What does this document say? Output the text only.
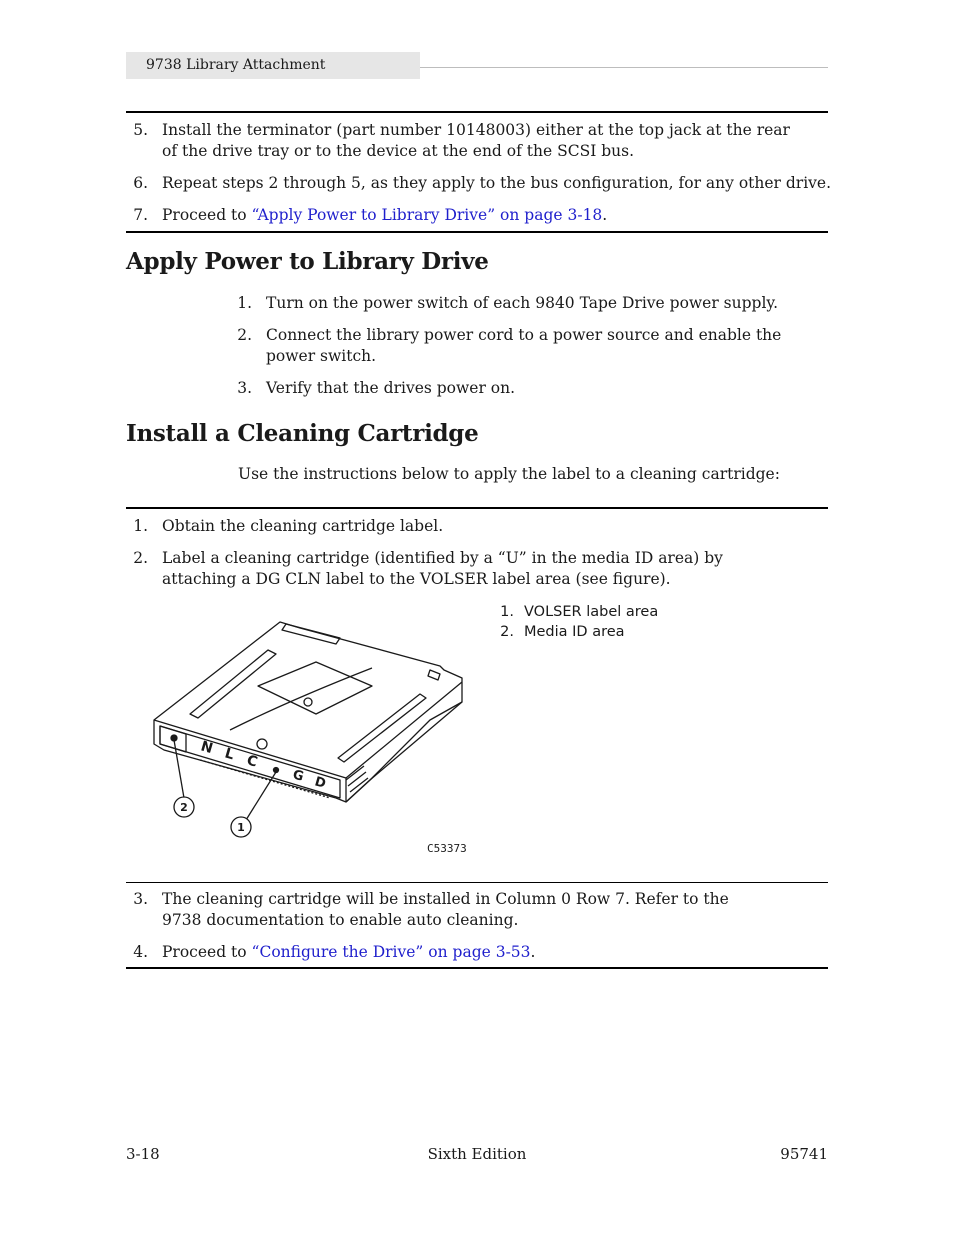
9738 Library Attachment
5. Install the terminator (part number 10148003) either at the top jack at the rear of the drive tray or to the device at the end of the SCSI bus.
6. Repeat steps 2 through 5, as they apply to the bus configuration, for any other drive.
7. Proceed to “Apply Power to Library Drive” on page 3-18.
Apply Power to Library Drive
1. Turn on the power switch of each 9840 Tape Drive power supply.
2. Connect the library power cord to a power source and enable the power switch.
3. Verify that the drives power on.
Install a Cleaning Cartridge
Use the instructions below to apply the label to a cleaning cartridge:
1. Obtain the cleaning cartridge label.
2. Label a cleaning cartridge (identified by a “U” in the media ID area) by attaching a DG CLN label to the VOLSER label area (see figure).
1. VOLSER label area
2. Media ID area
N L C
G D
2
1
C53373
3. The cleaning cartridge will be installed in Column 0 Row 7. Refer to the 9738 documentation to enable auto cleaning.
4. Proceed to “Configure the Drive” on page 3-53.
3-18	Sixth Edition	95741
